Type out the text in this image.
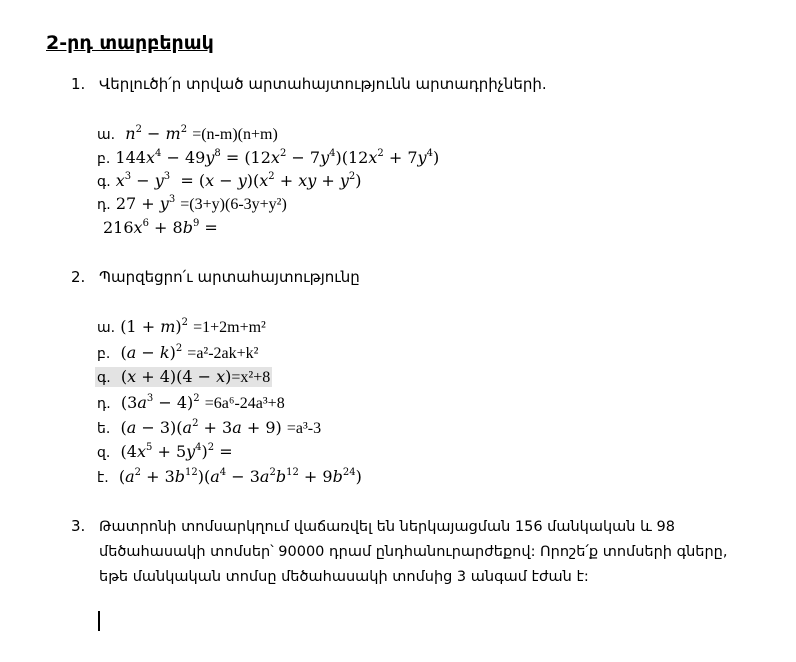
2-րդ տարբերակ
1. Վերլուծի՛ր տրված արտահայտությունն արտադրիչների.
ա. $n^2 - m^2 =(n-m)(n+m)$
բ. $144x^4 - 49y^8 = (12x^2 - 7y^4)(12x^2 + 7y^4)$
գ. $x^3 - y^3 = (x - y)(x^2$ + xy + $y^2$)
դ. $27 + y^3 =(3+y)(6-3y+y^2)$
$216x^6 + 8b^9$ =
2. Պարզեցրո՛ւ արտահայտությունը
ա. $(1 + m)^2 =1+2m+m^2$
բ.  $(a - k)^2 =a^2-2ak+k^2$
գ.  (x + 4)(4 − x)=x²+8
դ.  $(3a^3 - 4)^2 =6a^6-24a^3+8$
ե.  $(a - 3)(a^2 + 3a + 9) =a^3-3$
զ.  $(4x^5 + 5y^4)^2$ =
է.  $(a^2 + 3b^{12})(a^4 - 3a^2b^{12} + 9b^{24})$
3. Թատրոնի տոմսարկղում վաճառվել են ներկայացման 156 մանկական և 98 մեծահասակի տոմսեր՝ 90000 դրամ ընդհանուրարժեքով: Որոշե՛ք տոմսերի գները, եթե մանկական տոմսը մեծահասակի տոմսից 3 անգամ էժան է:
